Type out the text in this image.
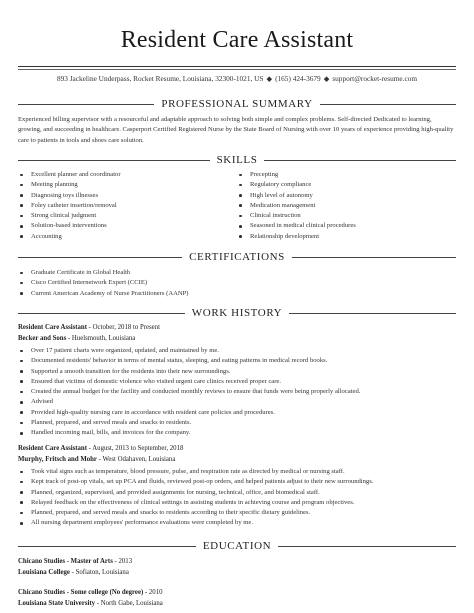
Resident Care Assistant
893 Jackeline Underpass, Rocket Resume, Louisiana, 32300-1021, US ◆ (165) 424-3679 ◆ support@rocket-resume.com
PROFESSIONAL SUMMARY
Experienced billing supervisor with a resourceful and adaptable approach to solving both simple and complex problems. Self-directed Dedicated to learning, growing, and succeeding in healthcare. Casperport Certified Registered Nurse by the State Board of Nursing with over 10 years of experience providing high-quality care to patients in tools and shoes care solution.
SKILLS
Excellent planner and coordinator
Meeting planning
Diagnosing toys illnesses
Foley catheter insertion/removal
Strong clinical judgment
Solution-based interventions
Accounting
Precepting
Regulatory compliance
High level of autonomy
Medication management
Clinical instruction
Seasoned in medical clinical procedures
Relationship development
CERTIFICATIONS
Graduate Certificate in Global Health
Cisco Certified Internetwork Expert (CCIE)
Current American Academy of Nurse Practitioners (AANP)
WORK HISTORY
Resident Care Assistant - October, 2018 to Present
Becker and Sons - Huelsmouth, Louisiana
Over 17 patient charts were organized, updated, and maintained by me.
Documented residents' behavior in terms of mental status, sleeping, and eating patterns in medical record books.
Supported a smooth transition for the residents into their new surroundings.
Ensured that victims of domestic violence who visited urgent care clinics received proper care.
Created the annual budget for the facility and conducted monthly reviews to ensure that funds were being properly allocated.
Advised
Provided high-quality nursing care in accordance with resident care policies and procedures.
Planned, prepared, and served meals and snacks to residents.
Handled incoming mail, bills, and invoices for the company.
Resident Care Assistant - August, 2013 to September, 2018
Murphy, Fritsch and Mohr - West Odahaven, Louisiana
Took vital signs such as temperature, blood pressure, pulse, and respiration rate as directed by medical or nursing staff.
Kept track of post-op vitals, set up PCA and fluids, reviewed post-op orders, and helped patients adjust to their new surroundings.
Planned, organized, supervised, and provided assignments for nursing, technical, office, and biomedical staff.
Relayed feedback on the effectiveness of clinical settings in assisting students in achieving course and program objectives.
Planned, prepared, and served meals and snacks to residents according to their specific dietary guidelines.
All nursing department employees' performance evaluations were completed by me.
EDUCATION
Chicano Studies - Master of Arts - 2013
Louisiana College - Sofiaton, Louisiana
Chicano Studies - Some college (No degree) - 2010
Louisiana State University - North Gabe, Louisiana
